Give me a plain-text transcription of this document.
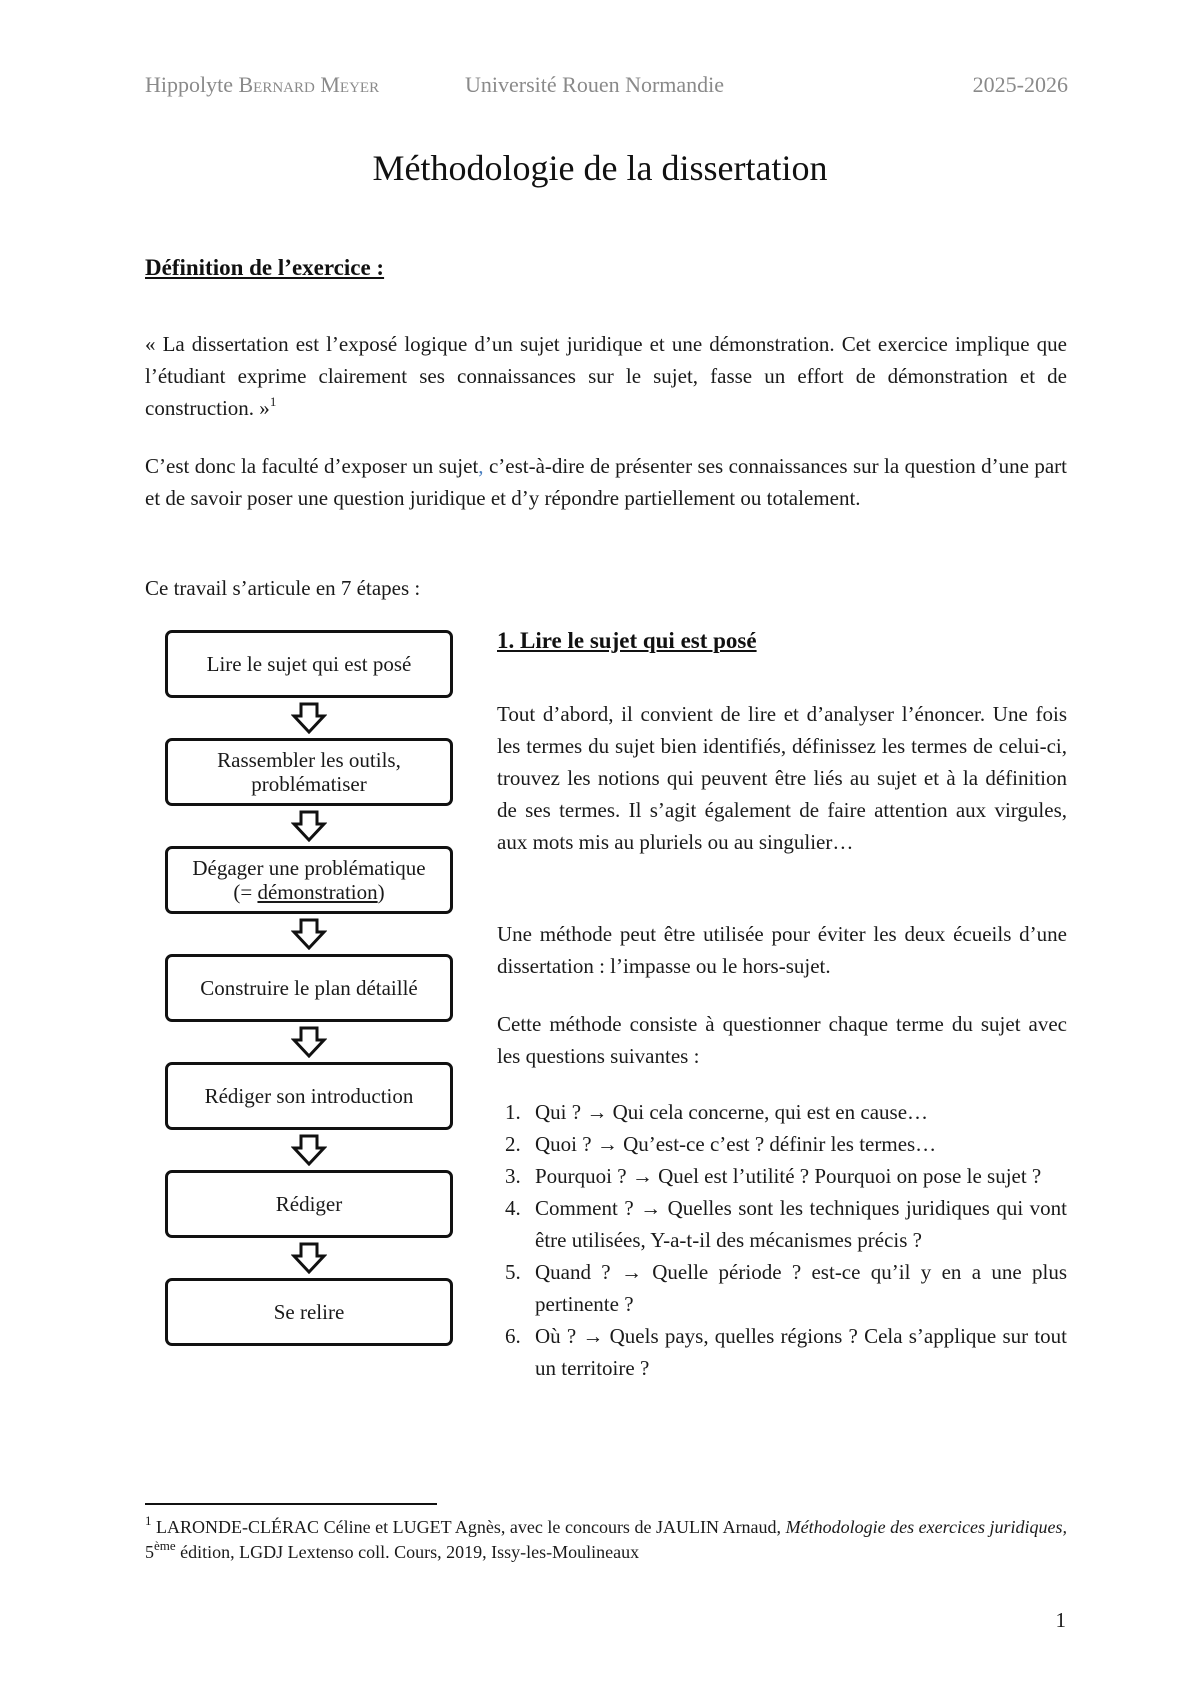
Hippolyte Bernard Meyer	Université Rouen Normandie	2025-2026
Méthodologie de la dissertation
Définition de l’exercice :
« La dissertation est l’exposé logique d’un sujet juridique et une démonstration. Cet exercice implique que l’étudiant exprime clairement ses connaissances sur le sujet, fasse un effort de démonstration et de construction. »$^1$
C’est donc la faculté d’exposer un sujet, c’est-à-dire de présenter ses connaissances sur la question d’une part et de savoir poser une question juridique et d’y répondre partiellement ou totalement.
Ce travail s’articule en 7 étapes :
Lire le sujet qui est posé
Rassembler les outils, problématiser
Dégager une problématique
(= démonstration)
Construire le plan détaillé
Rédiger son introduction
Rédiger
Se relire
1. Lire le sujet qui est posé
Tout d’abord, il convient de lire et d’analyser l’énoncer. Une fois les termes du sujet bien identifiés, définissez les termes de celui-ci, trouvez les notions qui peuvent être liés au sujet et à la définition de ses termes. Il s’agit également de faire attention aux virgules, aux mots mis au pluriels ou au singulier…
Une méthode peut être utilisée pour éviter les deux écueils d’une dissertation : l’impasse ou le hors-sujet.
Cette méthode consiste à questionner chaque terme du sujet avec les questions suivantes :
1. Qui ? → Qui cela concerne, qui est en cause…
2. Quoi ? → Qu’est-ce c’est ? définir les termes…
3. Pourquoi ? → Quel est l’utilité ? Pourquoi on pose le sujet ?
4. Comment ? → Quelles sont les techniques juridiques qui vont être utilisées, Y-a-t-il des mécanismes précis ?
5. Quand ? → Quelle période ? est-ce qu’il y en a une plus pertinente ?
6. Où ? → Quels pays, quelles régions ? Cela s’applique sur tout un territoire ?
$^1$ LARONDE-CLÉRAC Céline et LUGET Agnès, avec le concours de JAULIN Arnaud, Méthodologie des exercices juridiques, 5ème édition, LGDJ Lextenso coll. Cours, 2019, Issy-les-Moulineaux
1
